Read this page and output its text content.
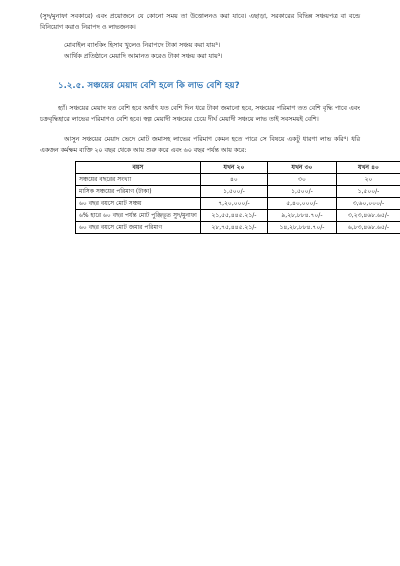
(সুদ/মুনাফা সবকারে) এবং প্রয়োজনে যে কোনো সময় তা উত্তোলনও করা যাবে। এছাড়া, সরকারের বিভিন্ন সঞ্চয়পত্র বা বন্ডে বিনিয়োগ করাও নিরাপদ ও লাভজনক।

মোবাইল ব্যাংকিং হিসাব খুলেও নিরাপদে টাকা সঞ্চয় করা যায়³।
আর্থিক প্রতিষ্ঠানে মেয়াদি আমানত করেও টাকা সঞ্চয় করা যায়³।
১.২.৫. সঞ্চয়ের মেয়াদ বেশি হলে কি লাভ বেশি হয়?

হ্যাঁ। সঞ্চয়ের মেয়াদ যত বেশি হবে অর্থাৎ যত বেশি দিন ধরে টাকা জমানো হবে, সঞ্চয়ের পরিমাণ তত বেশি বৃদ্ধি পাবে এবং চক্রবৃদ্ধিহারে লাভের পরিমাণও বেশি হবে। স্বল্প মেয়াদী সঞ্চয়ের চেয়ে দীর্ঘ মেয়াদী সঞ্চয়ে লাভ তাই সবসময়ই বেশি।

আসুন সঞ্চয়ের মেয়াদ ভেদে মোট জমাসহ লাভের পরিমাণ কেমন হতে পারে সে বিষয়ে একটু ধারণা লাভ করি⁴। ধরি একজন কর্মক্ষম ব্যক্তি ২০ বছর থেকে আয় শুরু করে এবং ৬০ বছর পর্যন্ত আয় করে:

বয়স	যখন ২০	যখন ৩০	যখন ৪০
সঞ্চয়ের বছরের সংখ্যা	৪০	৩০	২০
মাসিক সঞ্চয়ের পরিমাণ (টাকা)	১,৫০০/-	১,৫০০/-	১,৫০০/-
৬০ বছর বয়সে মোট সঞ্চয়	৭,২০,০০০/-	৫,৪০,০০০/-	৩,৬০,০০০/-
৬% হারে ৬০ বছর পর্যন্ত মোট পুঞ্জিভূত সুদ/মুনাফা	২১,৫৫,৪৪৫.২১/-	৯,২৮,৮৮৪.৭০/-	৩,২৩,৪৬৮.৬৫/-
৬০ বছর বয়সে মোট জমার পরিমাণ	২৮,৭৫,৪৪৫.২১/-	১৪,২৮,৮৮৪.৭০/-	৬,৮৩,৪৬৮.৬৫/-
